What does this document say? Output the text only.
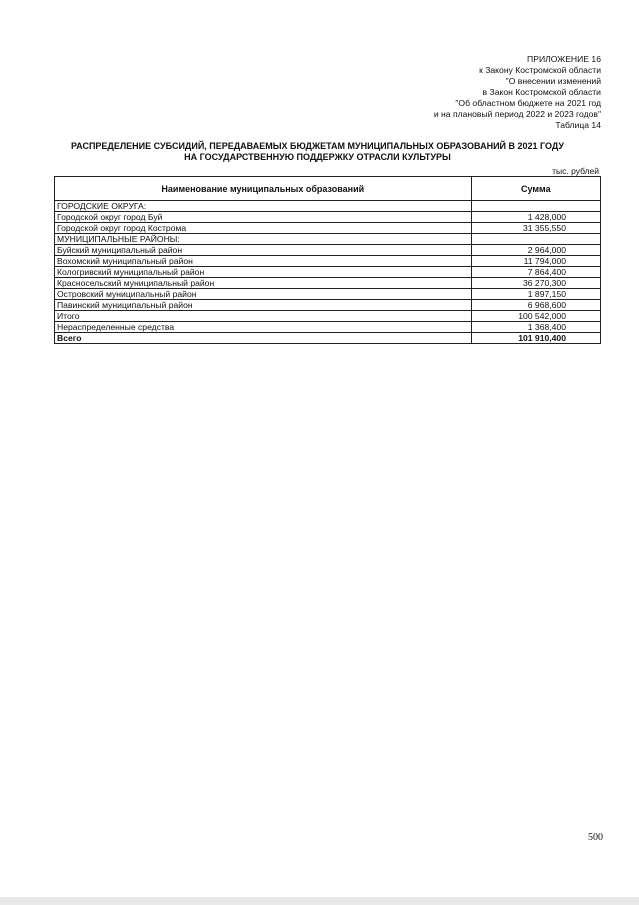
ПРИЛОЖЕНИЕ 16
к Закону Костромской области
"О внесении изменений
в Закон Костромской области
"Об областном бюджете на 2021 год
и на плановый период 2022 и 2023 годов"
Таблица 14
РАСПРЕДЕЛЕНИЕ СУБСИДИЙ, ПЕРЕДАВАЕМЫХ БЮДЖЕТАМ МУНИЦИПАЛЬНЫХ ОБРАЗОВАНИЙ В 2021 ГОДУ
НА ГОСУДАРСТВЕННУЮ ПОДДЕРЖКУ ОТРАСЛИ КУЛЬТУРЫ
тыс. рублей
Наименование муниципальных образований	Сумма
ГОРОДСКИЕ ОКРУГА:	
Городской округ город Буй	1 428,000
Городской округ город Кострома	31 355,550
МУНИЦИПАЛЬНЫЕ РАЙОНЫ:	
Буйский муниципальный район	2 964,000
Вохомский муниципальный район	11 794,000
Кологривский муниципальный район	7 864,400
Красносельский муниципальный район	36 270,300
Островский муниципальный район	1 897,150
Павинский муниципальный район	6 968,600
Итого	100 542,000
Нераспределенные средства	1 368,400
Всего	101 910,400
500
